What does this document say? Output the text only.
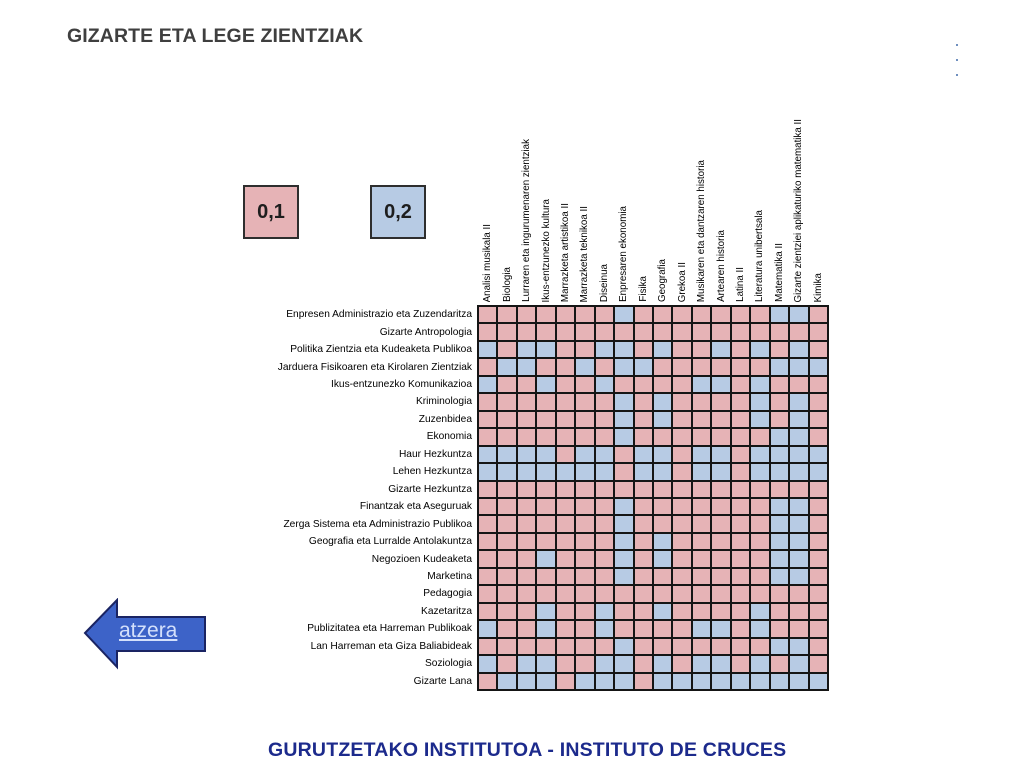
GIZARTE ETA LEGE ZIENTZIAK
0,1	0,2
Analisi musikala II Biologia Lurraren eta ingurumenaren zientziak Ikus-entzunezko kultura Marrazketa artistikoa II Marrazketa teknikoa II Diseinua Enpresaren ekonomia Fisika Geografia Grekoa II Musikaren eta dantzaren historia Artearen historia Latina II Literatura unibertsala Matematika II Gizarte zientziei aplikaturiko matematika II Kimika
Enpresen Administrazio eta Zuzendaritza
Gizarte Antropologia
Politika Zientzia eta Kudeaketa Publikoa
Jarduera Fisikoaren eta Kirolaren Zientziak
Ikus-entzunezko Komunikazioa
Kriminologia
Zuzenbidea
Ekonomia
Haur Hezkuntza
Lehen Hezkuntza
Gizarte Hezkuntza
Finantzak eta Aseguruak
Zerga Sistema eta Administrazio Publikoa
Geografia eta Lurralde Antolakuntza
Negozioen Kudeaketa
Marketina
Pedagogia
Kazetaritza
Publizitatea eta Harreman Publikoak
Lan Harreman eta Giza Baliabideak
Soziologia
Gizarte Lana
atzera
GURUTZETAKO INSTITUTOA - INSTITUTO DE CRUCES
